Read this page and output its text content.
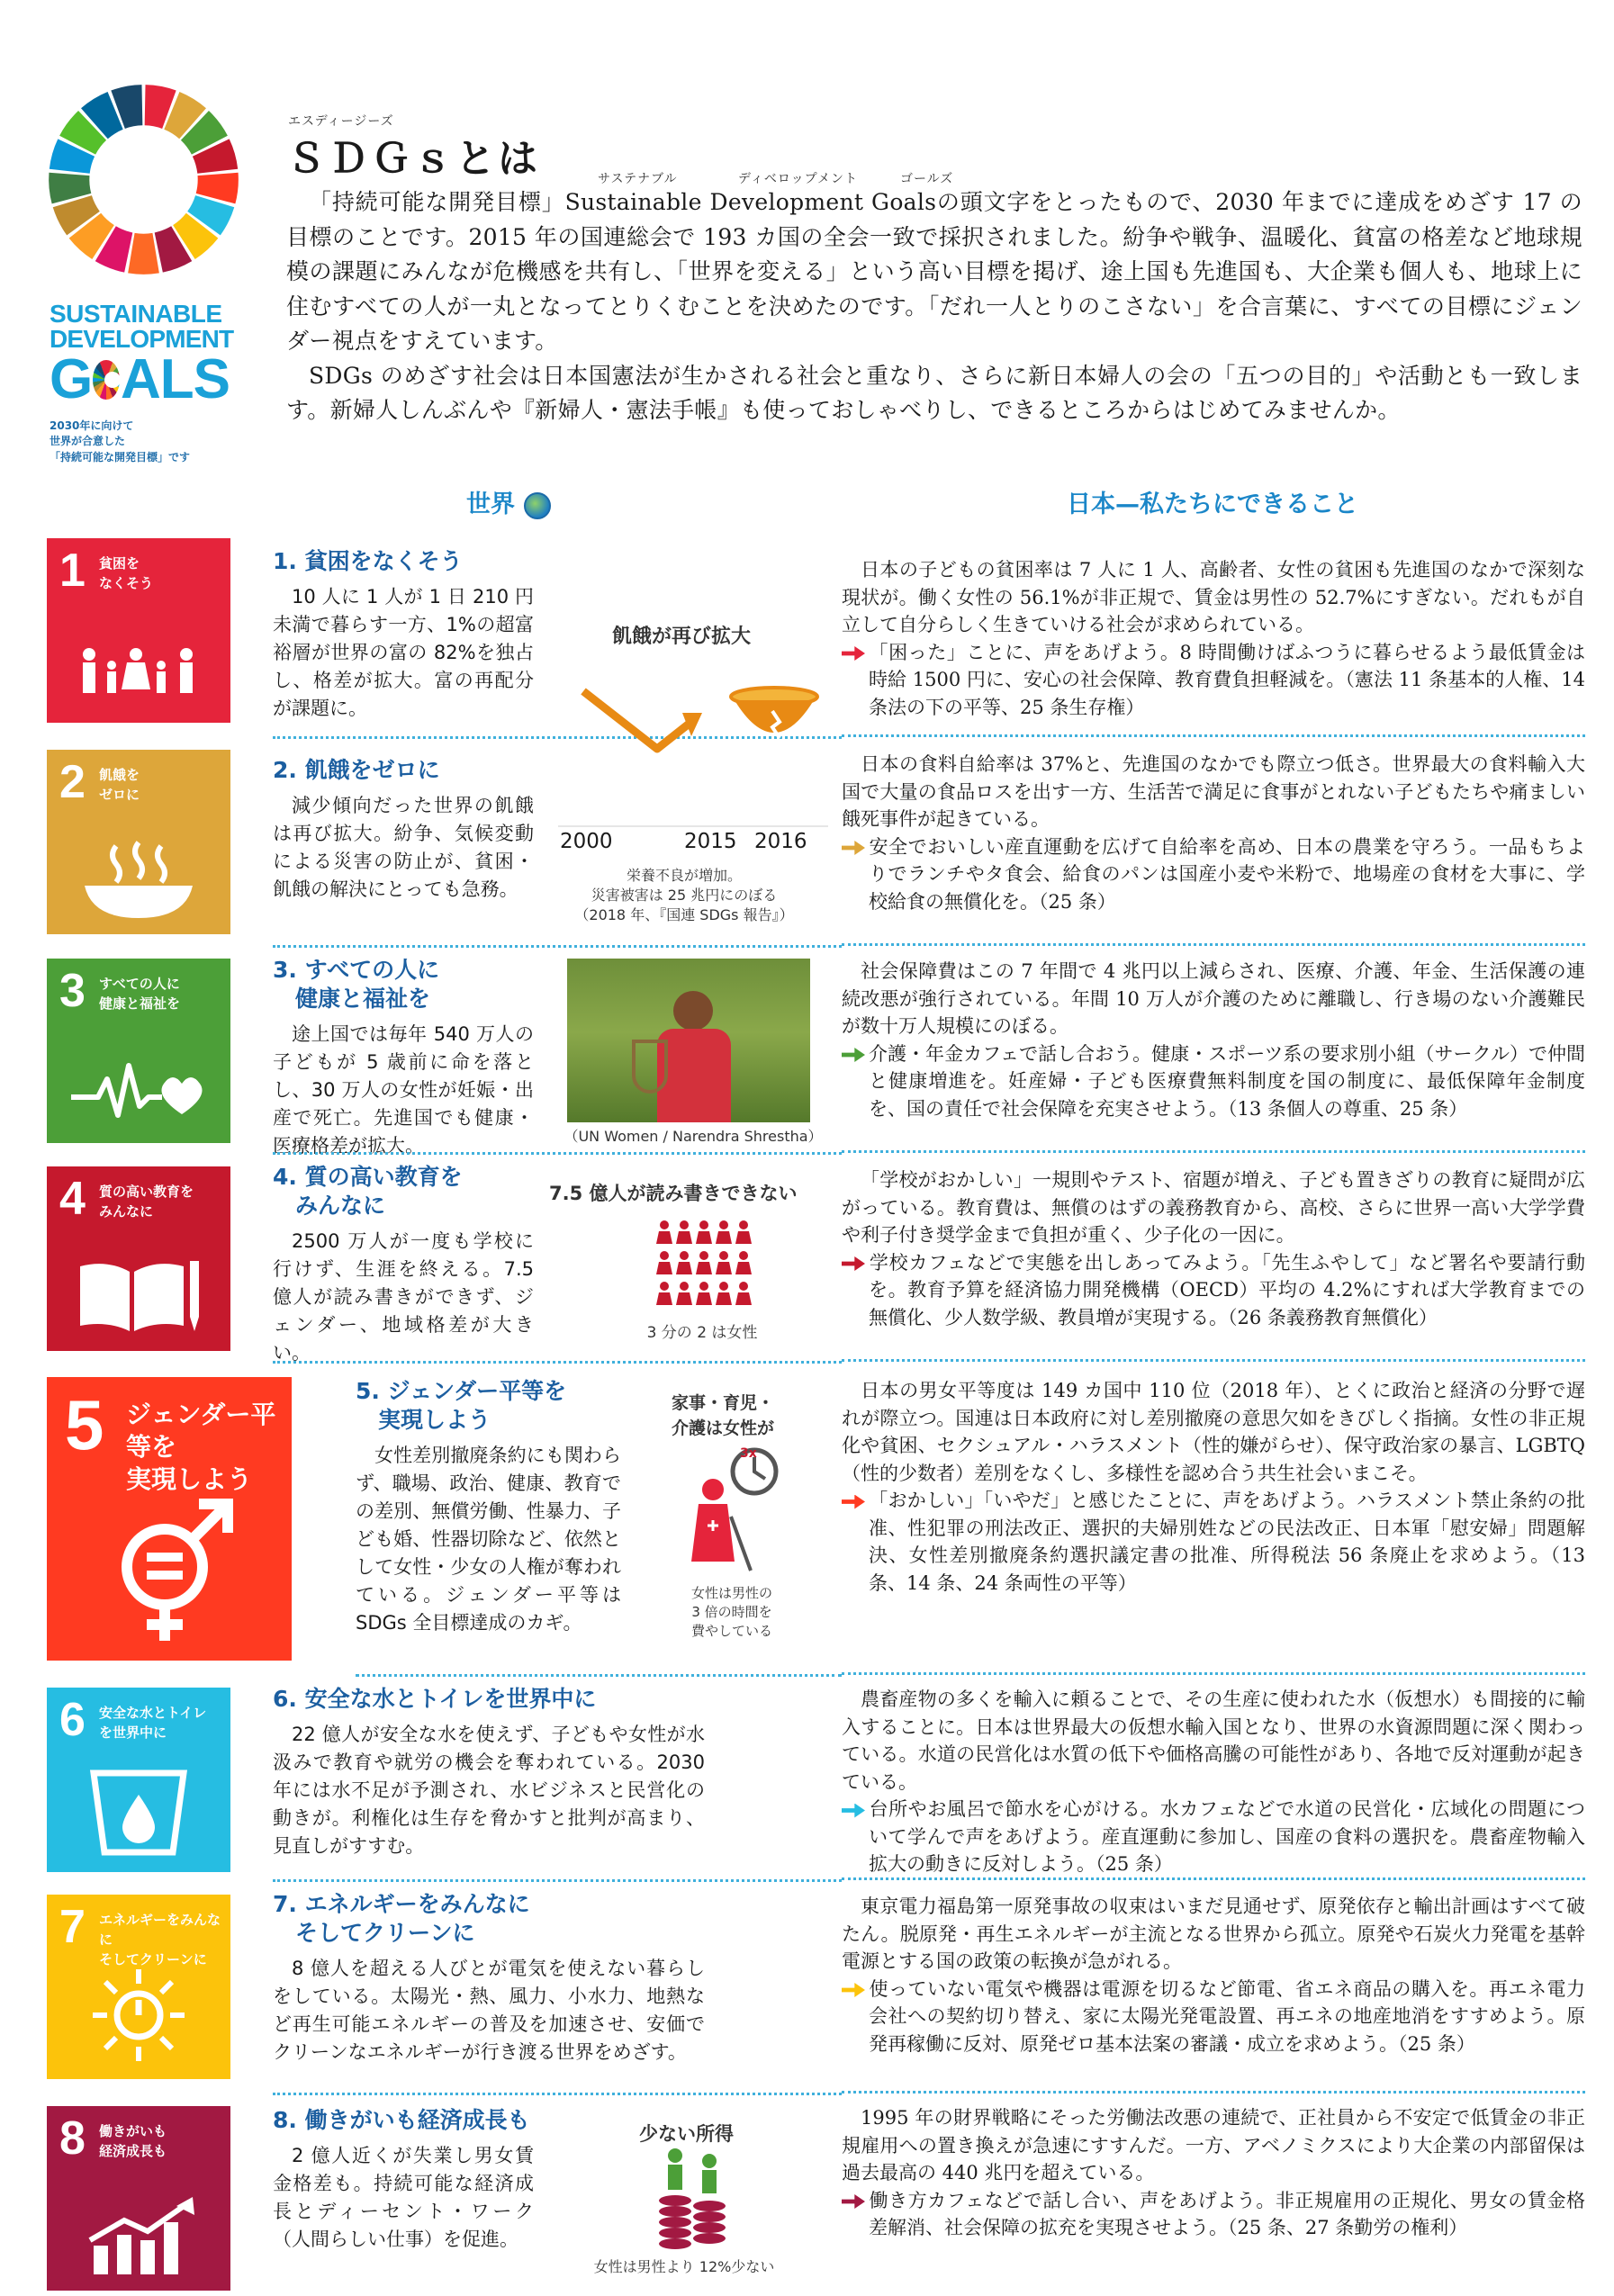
SUSTAINABLE
DEVELOPMENT
G ALS
2030年に向けて
世界が合意した
「持続可能な開発目標」です
エスディージーズ
ＳＤＧｓとは	サステナブル	ディベロップメント	ゴールズ

「持続可能な開発目標」Sustainable Development Goalsの頭文字をとったもので、2030 年までに達成をめざす 17 の目標のことです。2015 年の国連総会で 193 カ国の全会一致で採択されました。紛争や戦争、温暖化、貧富の格差など地球規模の課題にみんなが危機感を共有し、「世界を変える」という高い目標を掲げ、途上国も先進国も、大企業も個人も、地球上に住むすべての人が一丸となってとりくむことを決めたのです。「だれ一人とりのこさない」を合言葉に、すべての目標にジェンダー視点をすえています。

SDGs のめざす社会は日本国憲法が生かされる社会と重なり、さらに新日本婦人の会の「五つの目的」や活動とも一致します。新婦人しんぶんや『新婦人・憲法手帳』も使っておしゃべりし、できるところからはじめてみませんか。

世界	日本—私たちにできること
1 貧困を
なくそう
1. 貧困をなくそう
10 人に 1 人が 1 日 210 円未満で暮らす一方、1%の超富裕層が世界の富の 82%を独占し、格差が拡大。富の再配分が課題に。
日本の子どもの貧困率は 7 人に 1 人、高齢者、女性の貧困も先進国のなかで深刻な現状が。働く女性の 56.1%が非正規で、賃金は男性の 52.7%にすぎない。だれもが自立して自分らしく生きていける社会が求められている。
「困った」ことに、声をあげよう。8 時間働けばふつうに暮らせるよう最低賃金は時給 1500 円に、安心の社会保障、教育費負担軽減を。（憲法 11 条基本的人権、14 条法の下の平等、25 条生存権）
2 飢餓を
ゼロに
2. 飢餓をゼロに
減少傾向だった世界の飢餓は再び拡大。紛争、気候変動による災害の防止が、貧困・飢餓の解決にとっても急務。
日本の食料自給率は 37%と、先進国のなかでも際立つ低さ。世界最大の食料輸入大国で大量の食品ロスを出す一方、生活苦で満足に食事がとれない子どもたちや痛ましい餓死事件が起きている。
安全でおいしい産直運動を広げて自給率を高め、日本の農業を守ろう。一品もちよりでランチやタ食会、給食のパンは国産小麦や米粉で、地場産の食材を大事に、学校給食の無償化を。（25 条）
3 すべての人に
健康と福祉を
3. すべての人に
　健康と福祉を
途上国では毎年 540 万人の子どもが 5 歳前に命を落とし、30 万人の女性が妊娠・出産で死亡。先進国でも健康・医療格差が拡大。
社会保障費はこの 7 年間で 4 兆円以上減らされ、医療、介護、年金、生活保護の連続改悪が強行されている。年間 10 万人が介護のために離職し、行き場のない介護難民が数十万人規模にのぼる。
介護・年金カフェで話し合おう。健康・スポーツ系の要求別小組（サークル）で仲間と健康増進を。妊産婦・子ども医療費無料制度を国の制度に、最低保障年金制度を、国の責任で社会保障を充実させよう。（13 条個人の尊重、25 条）
4 質の高い教育を
みんなに
4. 質の高い教育を
　みんなに
2500 万人が一度も学校に行けず、生涯を終える。7.5 億人が読み書きができず、ジェンダー、地域格差が大きい。
「学校がおかしい」一規則やテスト、宿題が増え、子ども置きざりの教育に疑問が広がっている。教育費は、無償のはずの義務教育から、高校、さらに世界一高い大学学費や利子付き奨学金まで負担が重く、少子化の一因に。
学校カフェなどで実態を出しあってみよう。「先生ふやして」など署名や要請行動を。教育予算を経済協力開発機構（OECD）平均の 4.2%にすれば大学教育までの無償化、少人数学級、教員増が実現する。（26 条義務教育無償化）
5 ジェンダー平等を
実現しよう
5. ジェンダー平等を
　実現しよう
女性差別撤廃条約にも関わらず、職場、政治、健康、教育での差別、無償労働、性暴力、子ども婚、性器切除など、依然として女性・少女の人権が奪われている。ジェンダー平等は SDGs 全目標達成のカギ。
日本の男女平等度は 149 カ国中 110 位（2018 年）、とくに政治と経済の分野で遅れが際立つ。国連は日本政府に対し差別撤廃の意思欠如をきびしく指摘。女性の非正規化や貧困、セクシュアル・ハラスメント（性的嫌がらせ）、保守政治家の暴言、LGBTQ（性的少数者）差別をなくし、多様性を認め合う共生社会いまこそ。
「おかしい」「いやだ」と感じたことに、声をあげよう。ハラスメント禁止条約の批准、性犯罪の刑法改正、選択的夫婦別姓などの民法改正、日本軍「慰安婦」問題解決、女性差別撤廃条約選択議定書の批准、所得税法 56 条廃止を求めよう。（13 条、14 条、24 条両性の平等）
6 安全な水とトイレ
を世界中に
6. 安全な水とトイレを世界中に
22 億人が安全な水を使えず、子どもや女性が水汲みで教育や就労の機会を奪われている。2030 年には水不足が予測され、水ビジネスと民営化の動きが。利権化は生存を脅かすと批判が高まり、見直しがすすむ。
農畜産物の多くを輸入に頼ることで、その生産に使われた水（仮想水）も間接的に輸入することに。日本は世界最大の仮想水輸入国となり、世界の水資源問題に深く関わっている。水道の民営化は水質の低下や価格高騰の可能性があり、各地で反対運動が起きている。
台所やお風呂で節水を心がける。水カフェなどで水道の民営化・広域化の問題について学んで声をあげよう。産直運動に参加し、国産の食料の選択を。農畜産物輸入拡大の動きに反対しよう。（25 条）
7 エネルギーをみんなに
そしてクリーンに
7. エネルギーをみんなに
　そしてクリーンに
8 億人を超える人びとが電気を使えない暮らしをしている。太陽光・熱、風力、小水力、地熱など再生可能エネルギーの普及を加速させ、安価でクリーンなエネルギーが行き渡る世界をめざす。
東京電力福島第一原発事故の収束はいまだ見通せず、原発依存と輸出計画はすべて破たん。脱原発・再生エネルギーが主流となる世界から孤立。原発や石炭火力発電を基幹電源とする国の政策の転換が急がれる。
使っていない電気や機器は電源を切るなど節電、省エネ商品の購入を。再エネ電力会社への契約切り替え、家に太陽光発電設置、再エネの地産地消をすすめよう。原発再稼働に反対、原発ゼロ基本法案の審議・成立を求めよう。（25 条）
8 働きがいも
経済成長も
8. 働きがいも経済成長も
2 億人近くが失業し男女賃金格差も。持続可能な経済成長とディーセント・ワーク（人間らしい仕事）を促進。
1995 年の財界戦略にそった労働法改悪の連続で、正社員から不安定で低賃金の非正規雇用への置き換えが急速にすすんだ。一方、アベノミクスにより大企業の内部留保は過去最高の 440 兆円を超えている。
働き方カフェなどで話し合い、声をあげよう。非正規雇用の正規化、男女の賃金格差解消、社会保障の拡充を実現させよう。（25 条、27 条勤労の権利）
飢餓が再び拡大
2000	2015 2016
栄養不良が増加。
災害被害は 25 兆円にのぼる
（2018 年、『国連 SDGs 報告』）
（UN Women / Narendra Shrestha）
7.5 億人が読み書きできない
3 分の 2 は女性
家事・育児・
介護は女性が
3x
女性は男性の
3 倍の時間を
費やしている
少ない所得
女性は男性より 12%少ない
